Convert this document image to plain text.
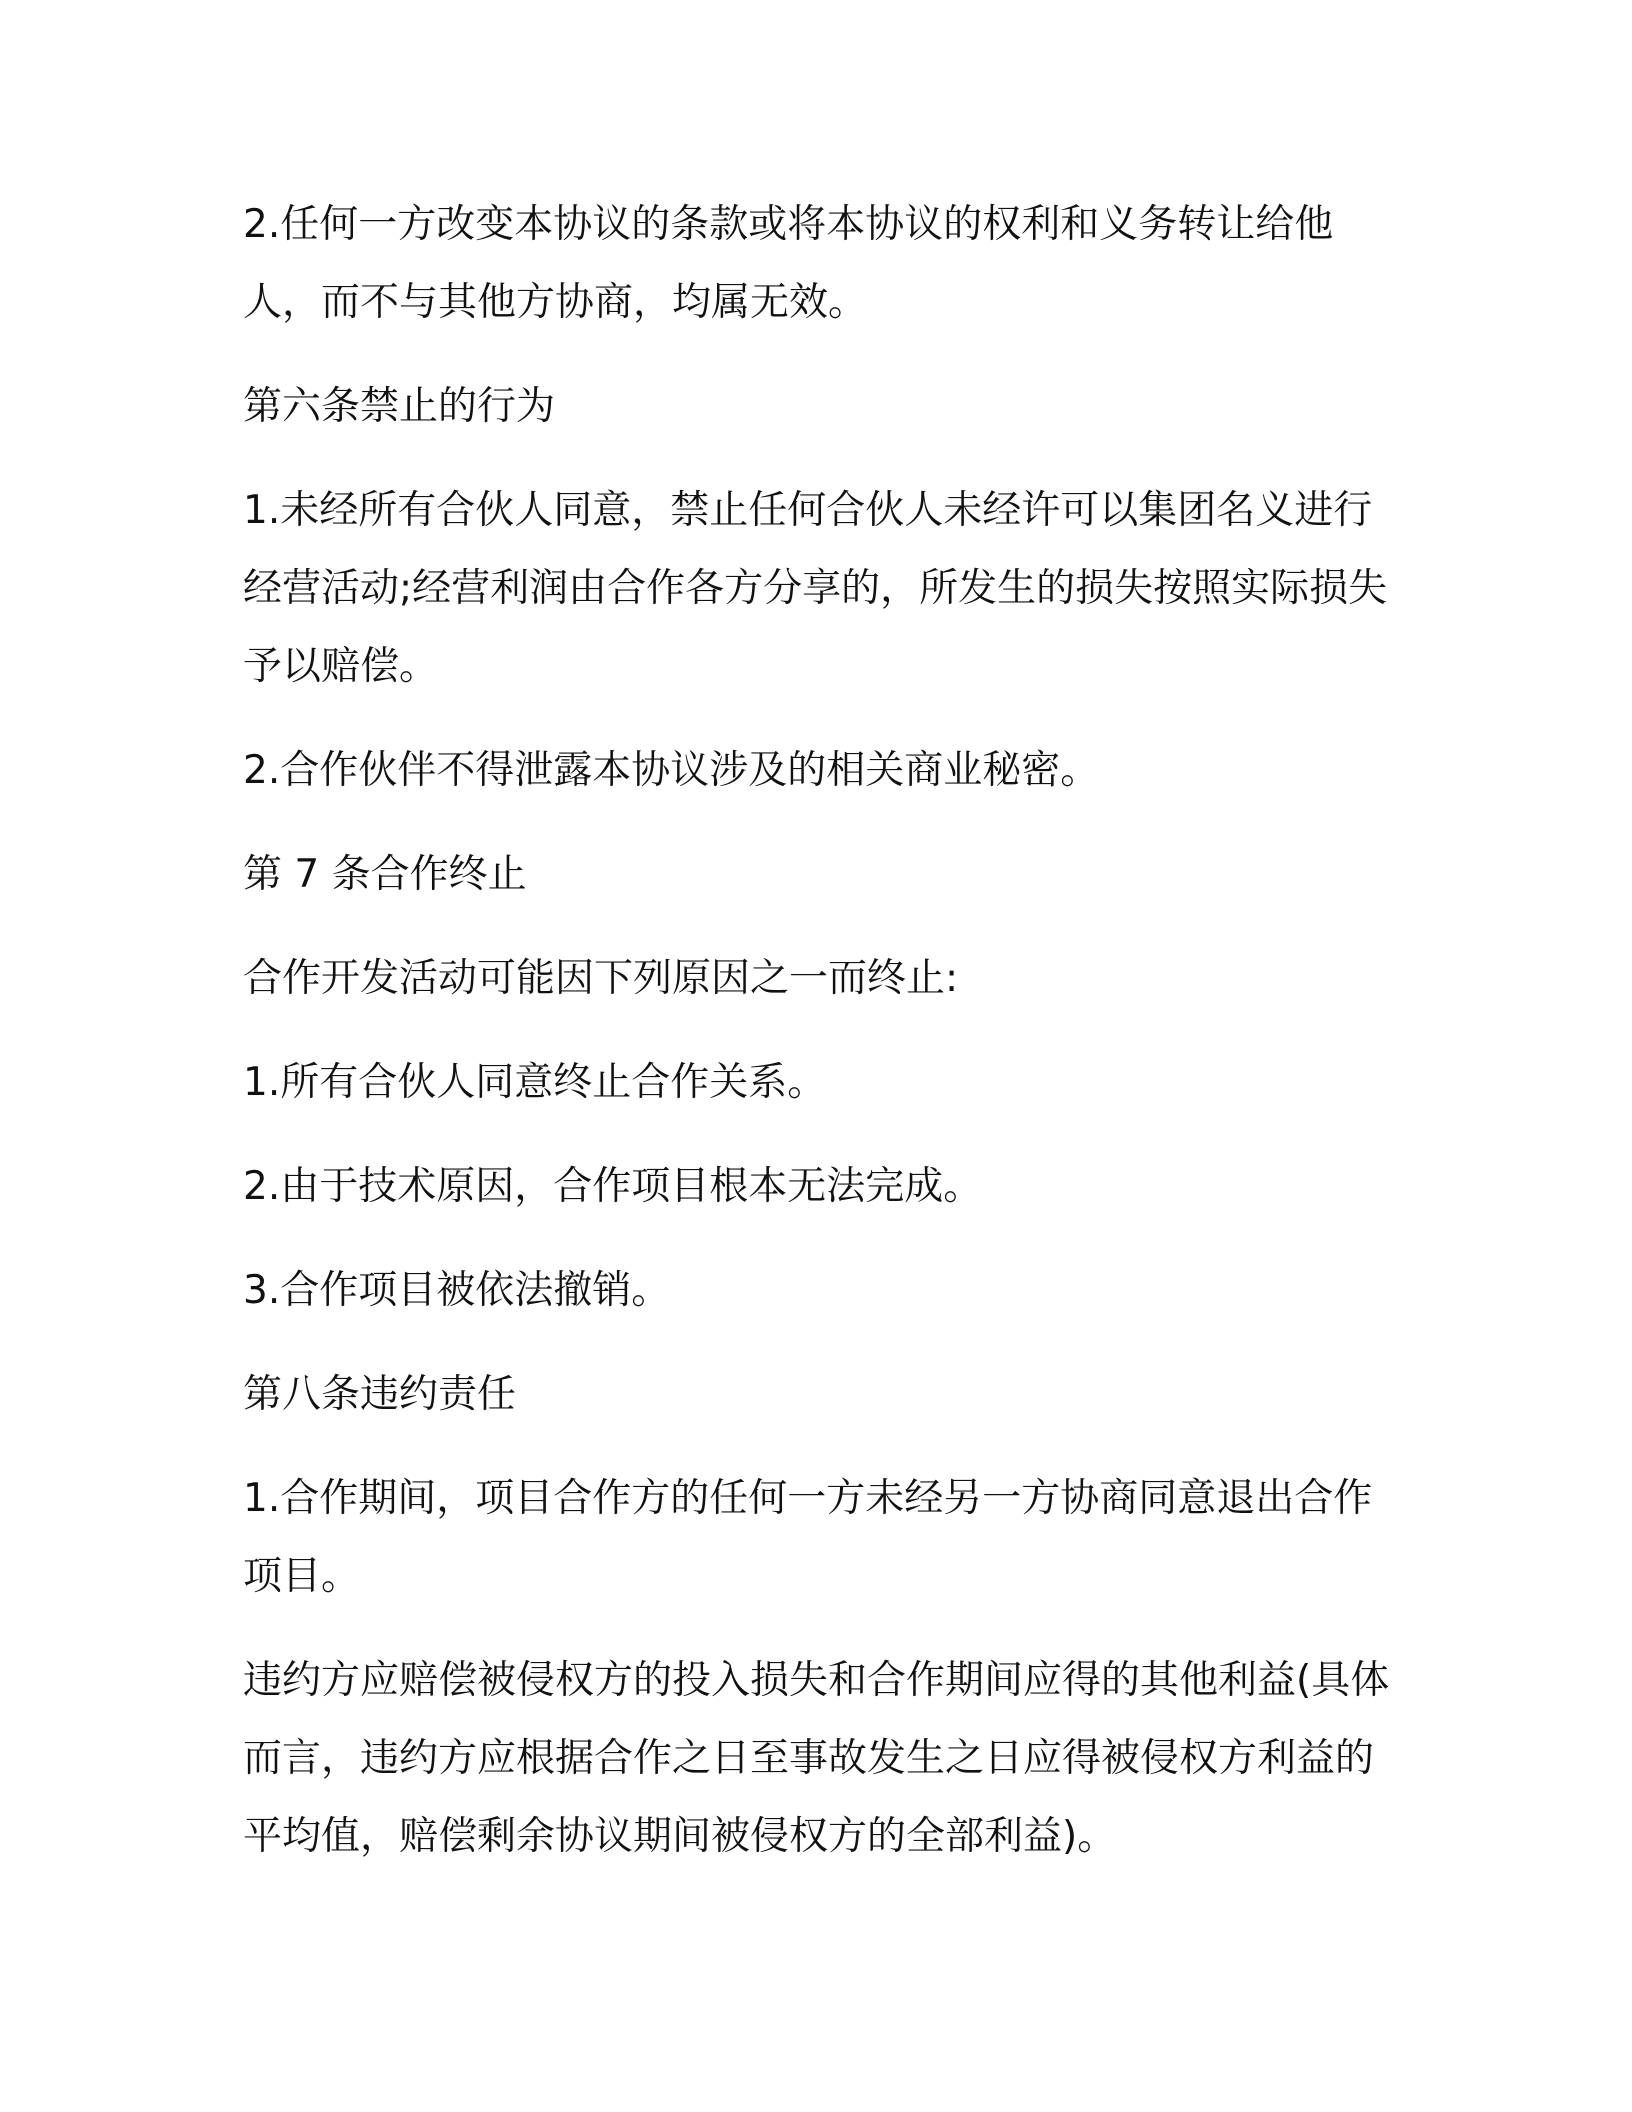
2.任何一方改变本协议的条款或将本协议的权利和义务转让给他人，而不与其他方协商，均属无效。

第六条禁止的行为

1.未经所有合伙人同意，禁止任何合伙人未经许可以集团名义进行经营活动;经营利润由合作各方分享的，所发生的损失按照实际损失予以赔偿。

2.合作伙伴不得泄露本协议涉及的相关商业秘密。

第 7 条合作终止

合作开发活动可能因下列原因之一而终止:

1.所有合伙人同意终止合作关系。

2.由于技术原因，合作项目根本无法完成。

3.合作项目被依法撤销。

第八条违约责任

1.合作期间，项目合作方的任何一方未经另一方协商同意退出合作项目。

违约方应赔偿被侵权方的投入损失和合作期间应得的其他利益(具体而言，违约方应根据合作之日至事故发生之日应得被侵权方利益的平均值，赔偿剩余协议期间被侵权方的全部利益)。
